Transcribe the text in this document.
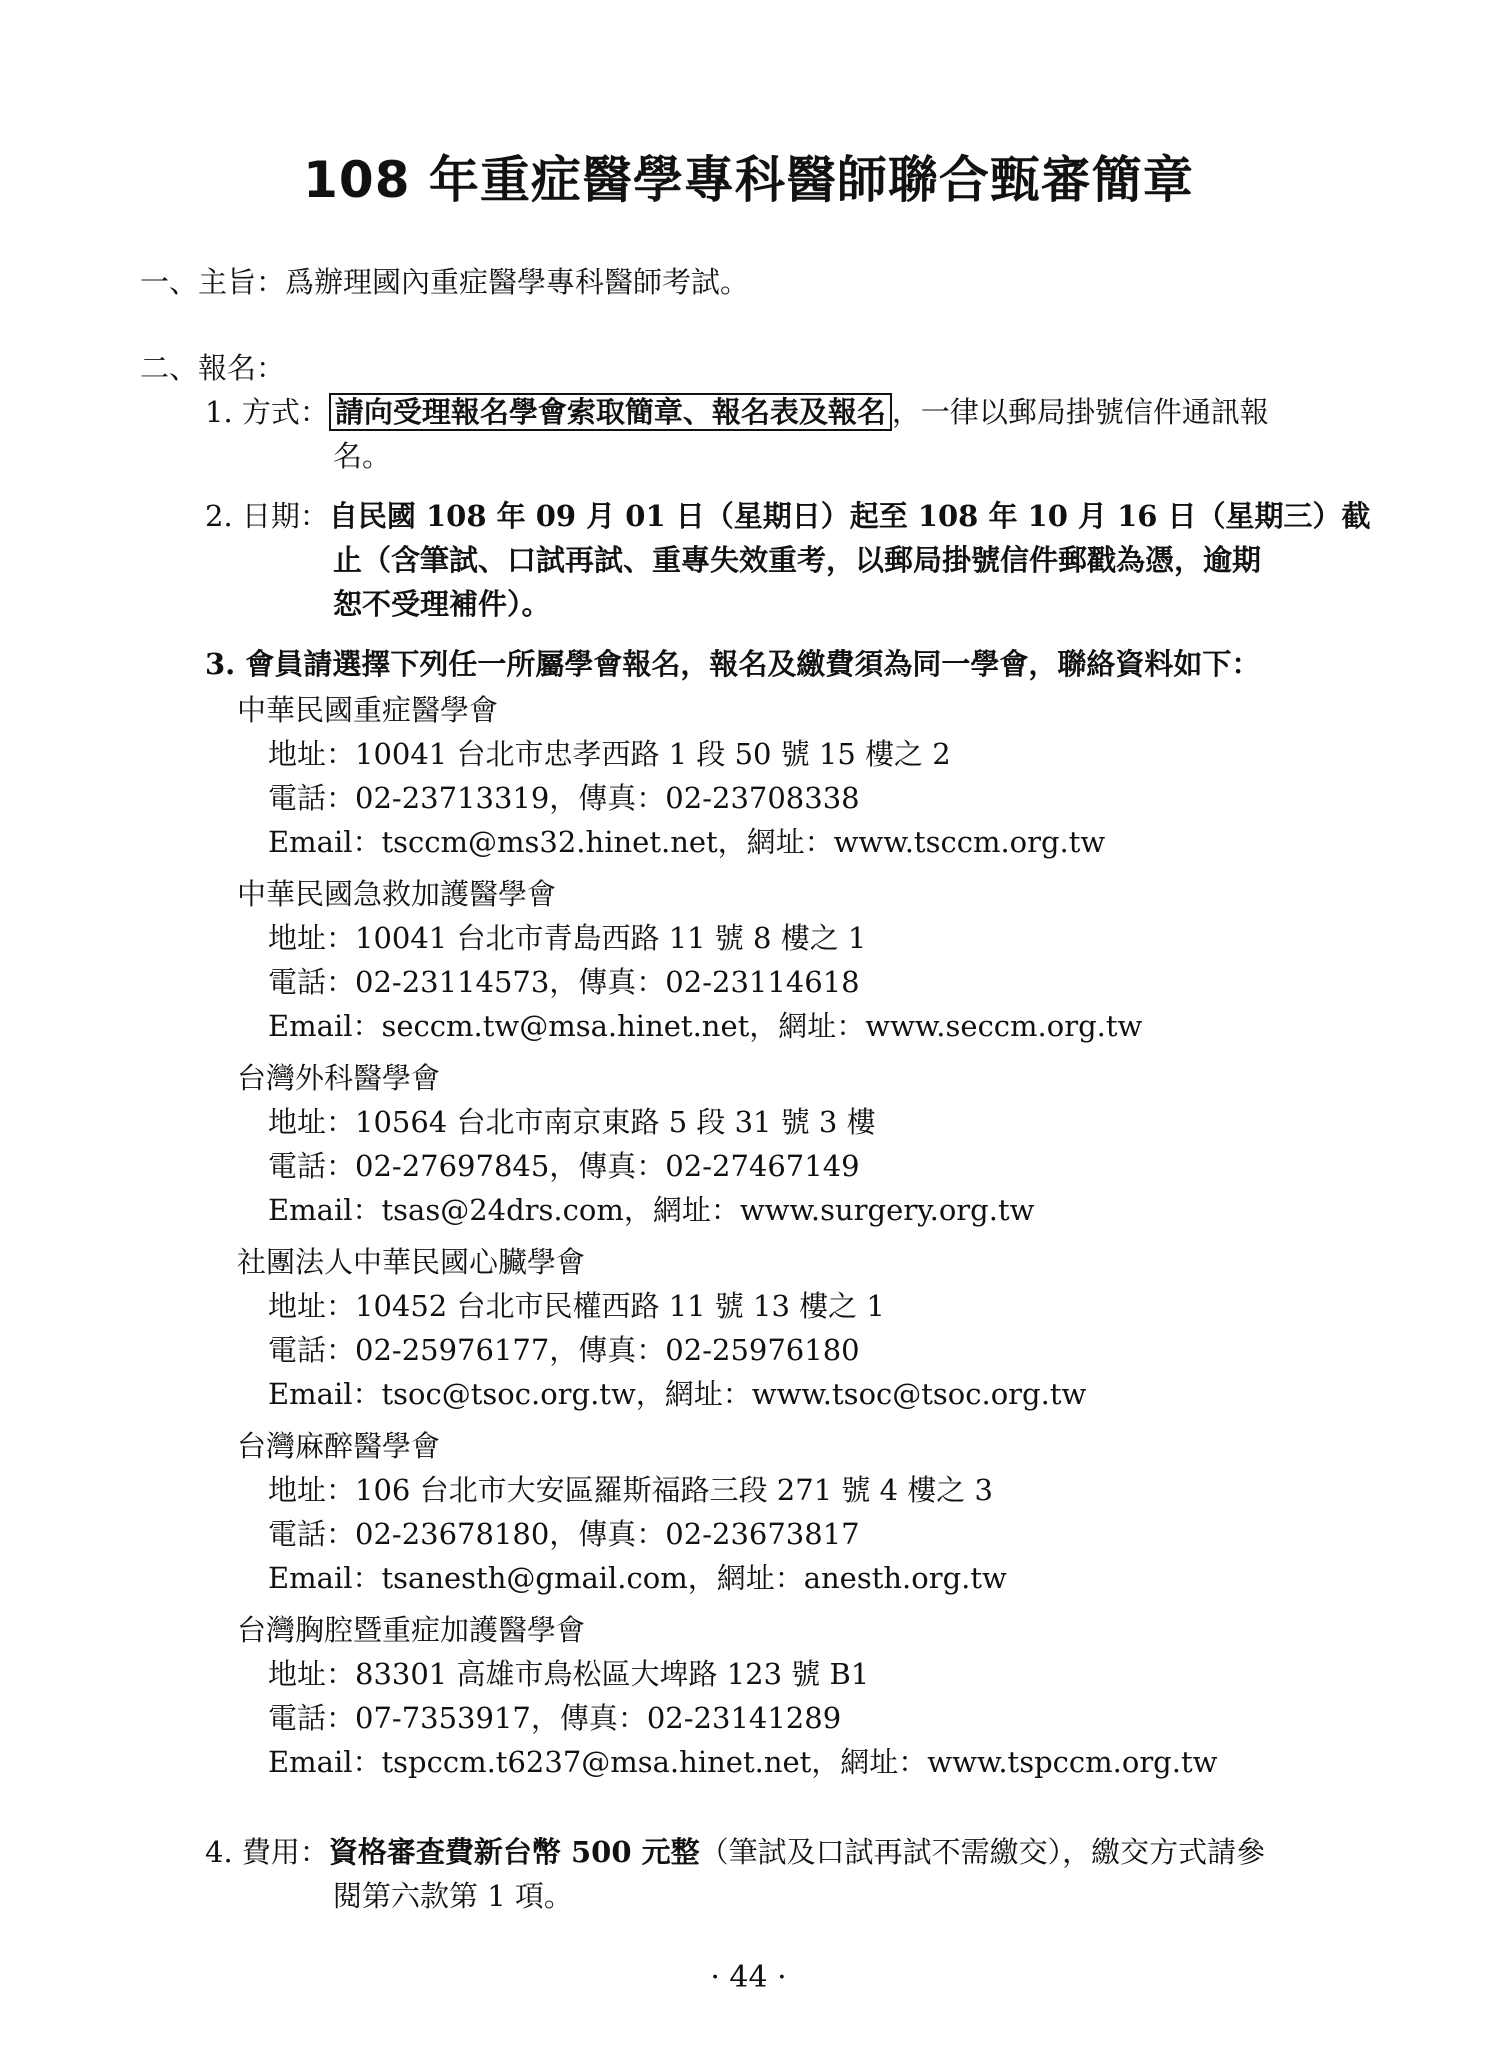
108 年重症醫學專科醫師聯合甄審簡章
一、主旨：爲辦理國內重症醫學專科醫師考試。
二、報名：
1. 方式： 請向受理報名學會索取簡章、報名表及報名 ，一律以郵局掛號信件通訊報
名。
2. 日期：自民國 108 年 09 月 01 日（星期日）起至 108 年 10 月 16 日（星期三）截
止（含筆試、口試再試、重專失效重考，以郵局掛號信件郵戳為憑，逾期
恕不受理補件）。
3. 會員請選擇下列任一所屬學會報名，報名及繳費須為同一學會，聯絡資料如下：
中華民國重症醫學會
地址：10041 台北市忠孝西路 1 段 50 號 15 樓之 2
電話：02-23713319，傳真：02-23708338
Email：tsccm@ms32.hinet.net，網址：www.tsccm.org.tw
中華民國急救加護醫學會
地址：10041 台北市青島西路 11 號 8 樓之 1
電話：02-23114573，傳真：02-23114618
Email：seccm.tw@msa.hinet.net，網址：www.seccm.org.tw
台灣外科醫學會
地址：10564 台北市南京東路 5 段 31 號 3 樓
電話：02-27697845，傳真：02-27467149
Email：tsas@24drs.com，網址：www.surgery.org.tw
社團法人中華民國心臟學會
地址：10452 台北市民權西路 11 號 13 樓之 1
電話：02-25976177，傳真：02-25976180
Email：tsoc@tsoc.org.tw，網址：www.tsoc@tsoc.org.tw
台灣麻醉醫學會
地址：106 台北市大安區羅斯福路三段 271 號 4 樓之 3
電話：02-23678180，傳真：02-23673817
Email：tsanesth@gmail.com，網址：anesth.org.tw
台灣胸腔暨重症加護醫學會
地址：83301 高雄市鳥松區大埤路 123 號 B1
電話：07-7353917，傳真：02-23141289
Email：tspccm.t6237@msa.hinet.net，網址：www.tspccm.org.tw
4. 費用：資格審查費新台幣 500 元整（筆試及口試再試不需繳交），繳交方式請參
閱第六款第 1 項。
· 44 ·
